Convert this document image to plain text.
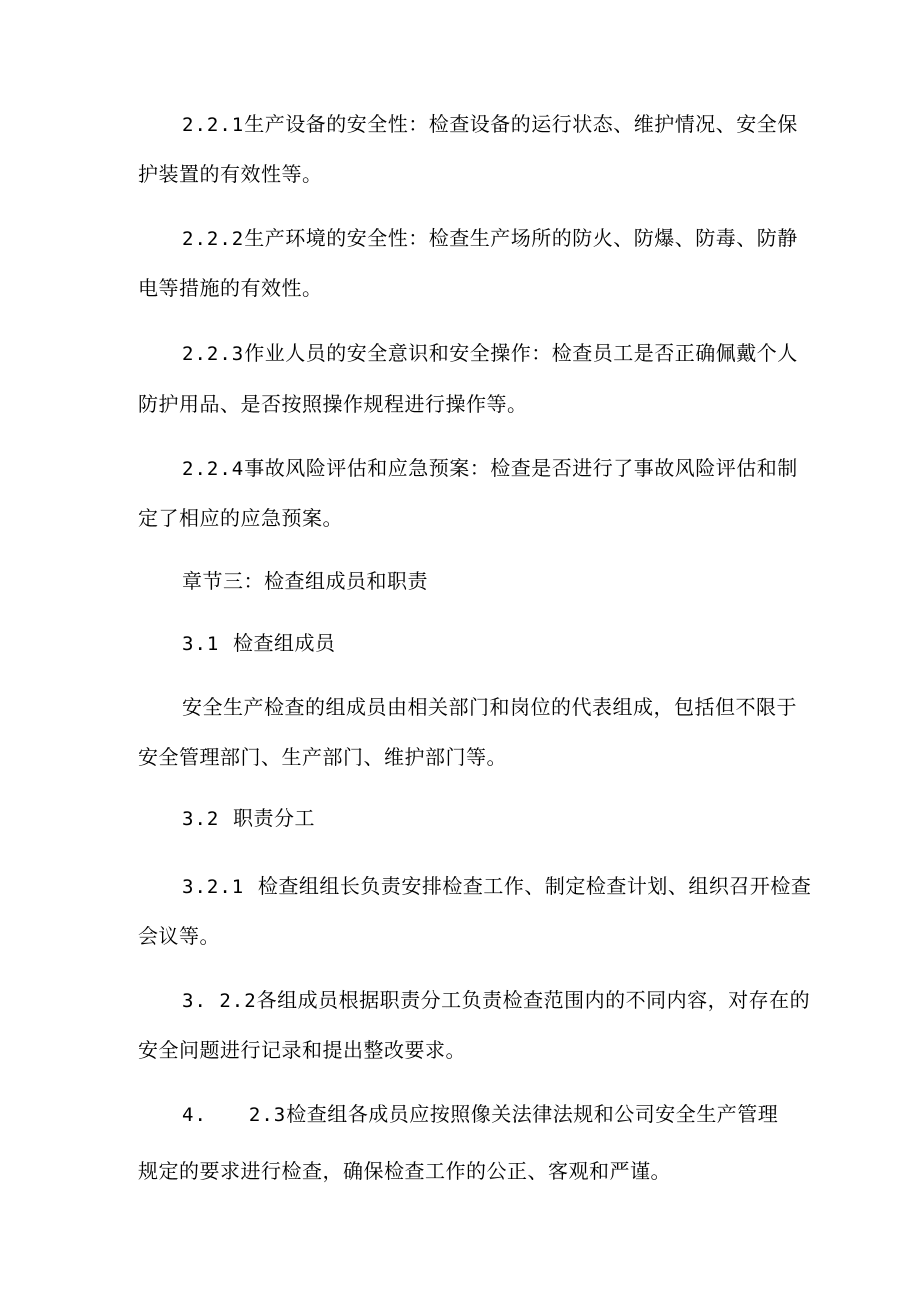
2.2.1生产设备的安全性：检查设备的运行状态、维护情况、安全保
护装置的有效性等。
2.2.2生产环境的安全性：检查生产场所的防火、防爆、防毒、防静
电等措施的有效性。
2.2.3作业人员的安全意识和安全操作：检查员工是否正确佩戴个人
防护用品、是否按照操作规程进行操作等。
2.2.4事故风险评估和应急预案：检查是否进行了事故风险评估和制
定了相应的应急预案。
章节三：检查组成员和职责
3.1 检查组成员
安全生产检查的组成员由相关部门和岗位的代表组成，包括但不限于
安全管理部门、生产部门、维护部门等。
3.2 职责分工
3.2.1 检查组组长负责安排检查工作、制定检查计划、组织召开检查
会议等。
3. 2.2各组成员根据职责分工负责检查范围内的不同内容，对存在的
安全问题进行记录和提出整改要求。
4. 2.3检查组各成员应按照像关法律法规和公司安全生产管理
规定的要求进行检查，确保检查工作的公正、客观和严谨。
